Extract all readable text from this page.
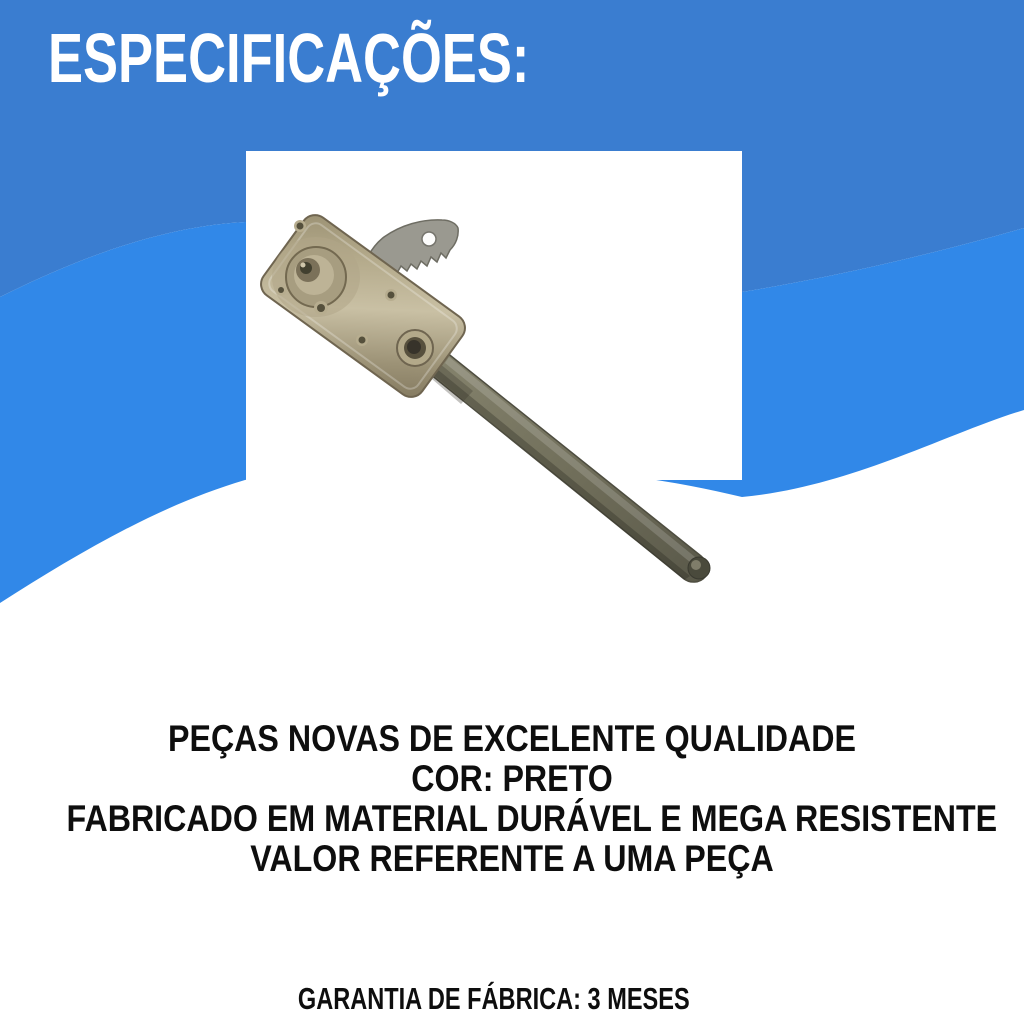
ESPECIFICAÇÕES:
PEÇAS NOVAS DE EXCELENTE QUALIDADE
COR: PRETO
FABRICADO EM MATERIAL DURÁVEL E MEGA RESISTENTE
VALOR REFERENTE A UMA PEÇA
GARANTIA DE FÁBRICA: 3 MESES
